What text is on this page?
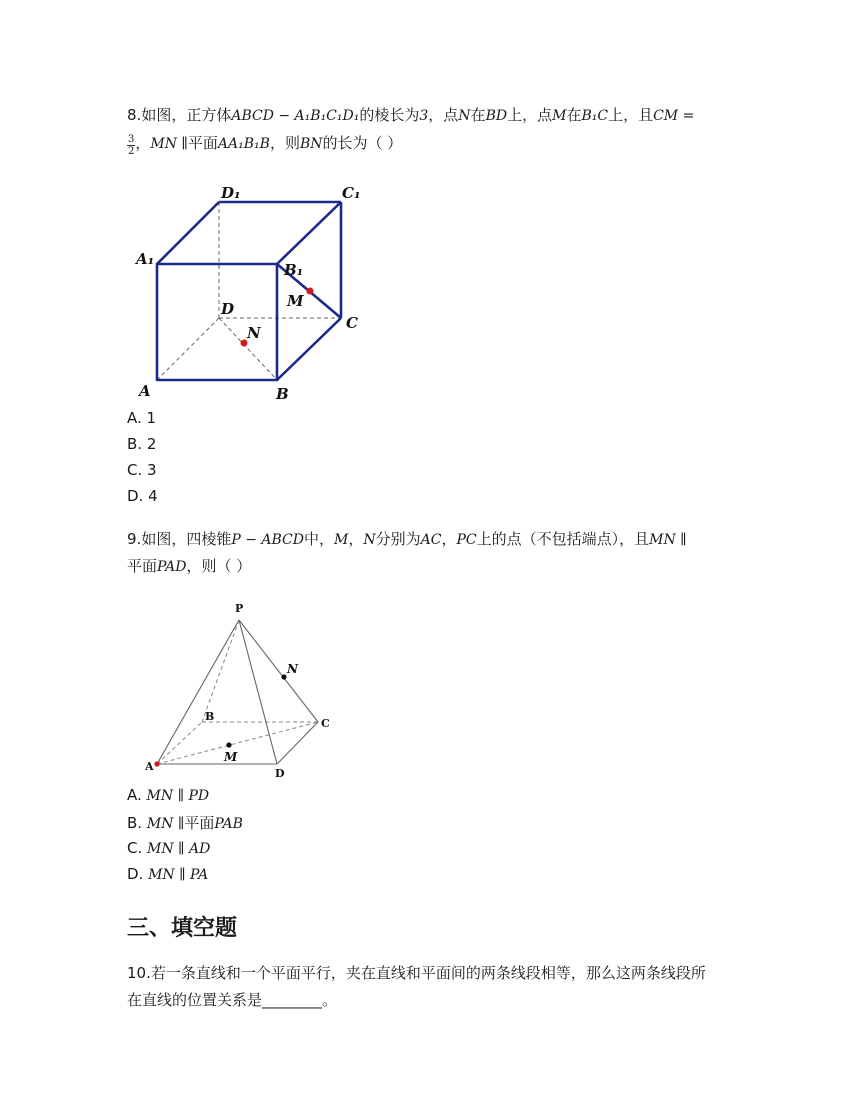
8.如图，正方体ABCD − A₁B₁C₁D₁的棱长为3，点N在BD上，点M在B₁C上，且CM =
$\frac{3}{2}$ ，MN ∥平面AA₁B₁B，则BN的长为（ ）
D₁	C₁
A₁
B₁
M
D
C
N
A	B
A. 1
B. 2
C. 3
D. 4
9.如图，四棱锥P − ABCD中，M，N分别为AC，PC上的点（不包括端点），且MN ∥
平面PAD，则（ ）
P
N
B
C
A
M
D
A. MN ∥ PD
B. MN ∥平面PAB
C. MN ∥ AD
D. MN ∥ PA
三、填空题
10.若一条直线和一个平面平行，夹在直线和平面间的两条线段相等，那么这两条线段所
在直线的位置关系是________。
